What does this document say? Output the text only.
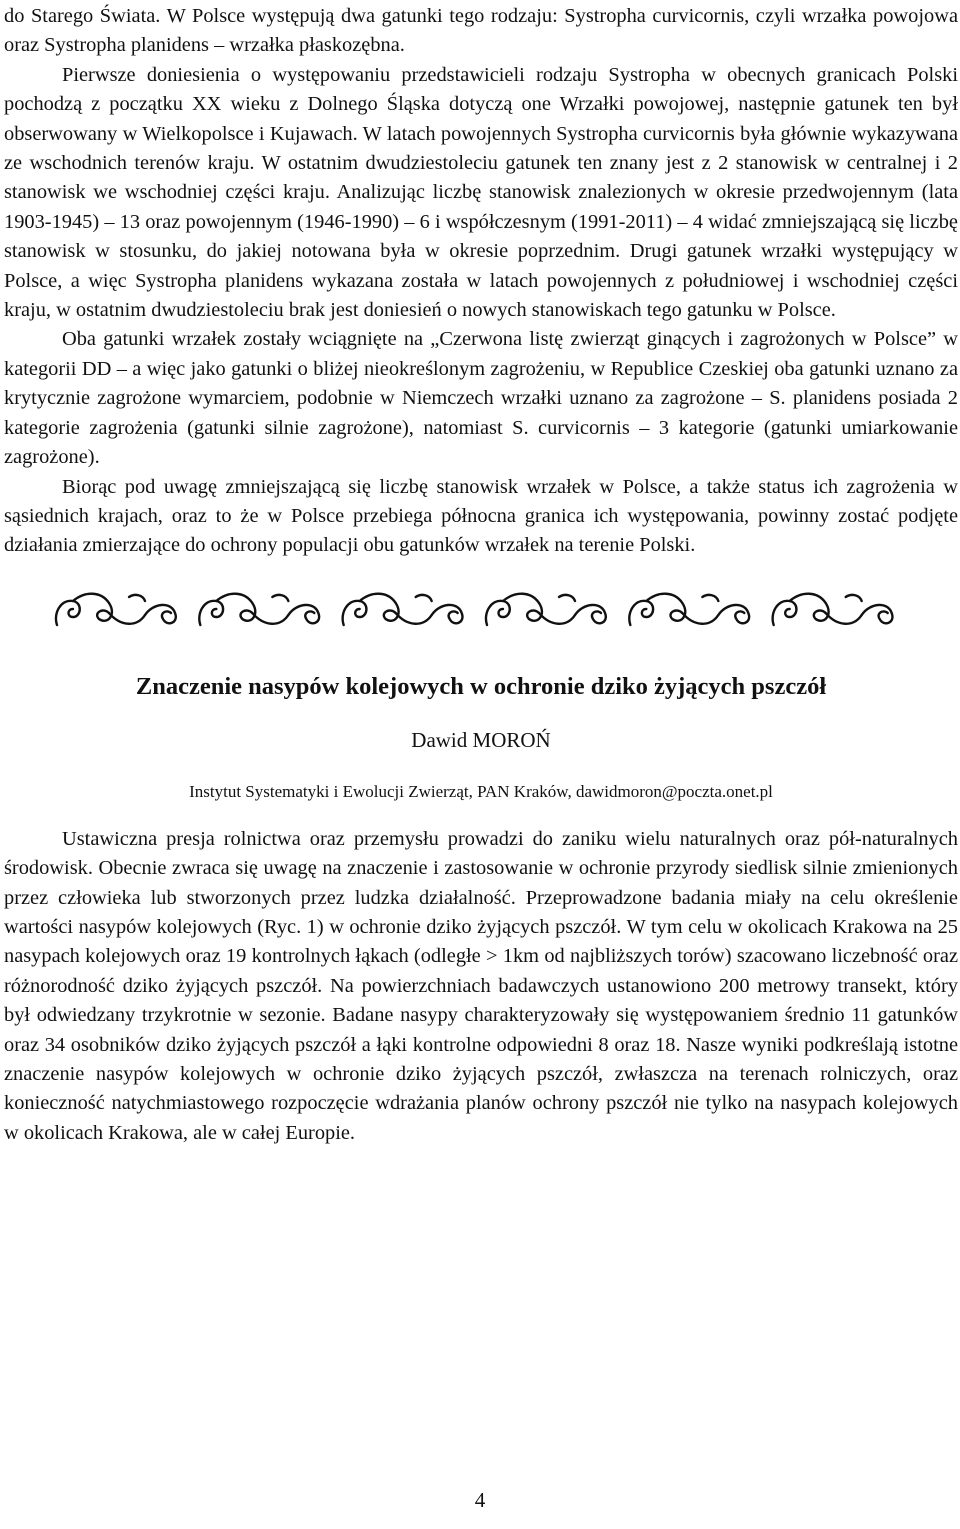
do Starego Świata. W Polsce występują dwa gatunki tego rodzaju: Systropha curvicornis, czyli wrzałka powojowa oraz Systropha planidens – wrzałka płaskozębna.

Pierwsze doniesienia o występowaniu przedstawicieli rodzaju Systropha w obecnych granicach Polski pochodzą z początku XX wieku z Dolnego Śląska dotyczą one Wrzałki powojowej, następnie gatunek ten był obserwowany w Wielkopolsce i Kujawach. W latach powojennych Systropha curvicornis była głównie wykazywana ze wschodnich terenów kraju. W ostatnim dwudziestoleciu gatunek ten znany jest z 2 stanowisk w centralnej i 2 stanowisk we wschodniej części kraju. Analizując liczbę stanowisk znalezionych w okresie przedwojennym (lata 1903-1945) – 13 oraz powojennym (1946-1990) – 6 i współczesnym (1991-2011) – 4 widać zmniejszającą się liczbę stanowisk w stosunku, do jakiej notowana była w okresie poprzednim. Drugi gatunek wrzałki występujący w Polsce, a więc Systropha planidens wykazana została w latach powojennych z południowej i wschodniej części kraju, w ostatnim dwudziestoleciu brak jest doniesień o nowych stanowiskach tego gatunku w Polsce.

Oba gatunki wrzałek zostały wciągnięte na „Czerwona listę zwierząt ginących i zagrożonych w Polsce” w kategorii DD – a więc jako gatunki o bliżej nieokreślonym zagrożeniu, w Republice Czeskiej oba gatunki uznano za krytycznie zagrożone wymarciem, podobnie w Niemczech wrzałki uznano za zagrożone – S. planidens posiada 2 kategorie zagrożenia (gatunki silnie zagrożone), natomiast S. curvicornis – 3 kategorie (gatunki umiarkowanie zagrożone).

Biorąc pod uwagę zmniejszającą się liczbę stanowisk wrzałek w Polsce, a także status ich zagrożenia w sąsiednich krajach, oraz to że w Polsce przebiega północna granica ich występowania, powinny zostać podjęte działania zmierzające do ochrony populacji obu gatunków wrzałek na terenie Polski.

Znaczenie nasypów kolejowych w ochronie dziko żyjących pszczół
Dawid MOROŃ
Instytut Systematyki i Ewolucji Zwierząt, PAN Kraków, dawidmoron@poczta.onet.pl

Ustawiczna presja rolnictwa oraz przemysłu prowadzi do zaniku wielu naturalnych oraz pół-naturalnych środowisk. Obecnie zwraca się uwagę na znaczenie i zastosowanie w ochronie przyrody siedlisk silnie zmienionych przez człowieka lub stworzonych przez ludzka działalność. Przeprowadzone badania miały na celu określenie wartości nasypów kolejowych (Ryc. 1) w ochronie dziko żyjących pszczół. W tym celu w okolicach Krakowa na 25 nasypach kolejowych oraz 19 kontrolnych łąkach (odległe > 1km od najbliższych torów) szacowano liczebność oraz różnorodność dziko żyjących pszczół. Na powierzchniach badawczych ustanowiono 200 metrowy transekt, który był odwiedzany trzykrotnie w sezonie. Badane nasypy charakteryzowały się występowaniem średnio 11 gatunków oraz 34 osobników dziko żyjących pszczół a łąki kontrolne odpowiedni 8 oraz 18. Nasze wyniki podkreślają istotne znaczenie nasypów kolejowych w ochronie dziko żyjących pszczół, zwłaszcza na terenach rolniczych, oraz konieczność natychmiastowego rozpoczęcie wdrażania planów ochrony pszczół nie tylko na nasypach kolejowych w okolicach Krakowa, ale w całej Europie.

4
